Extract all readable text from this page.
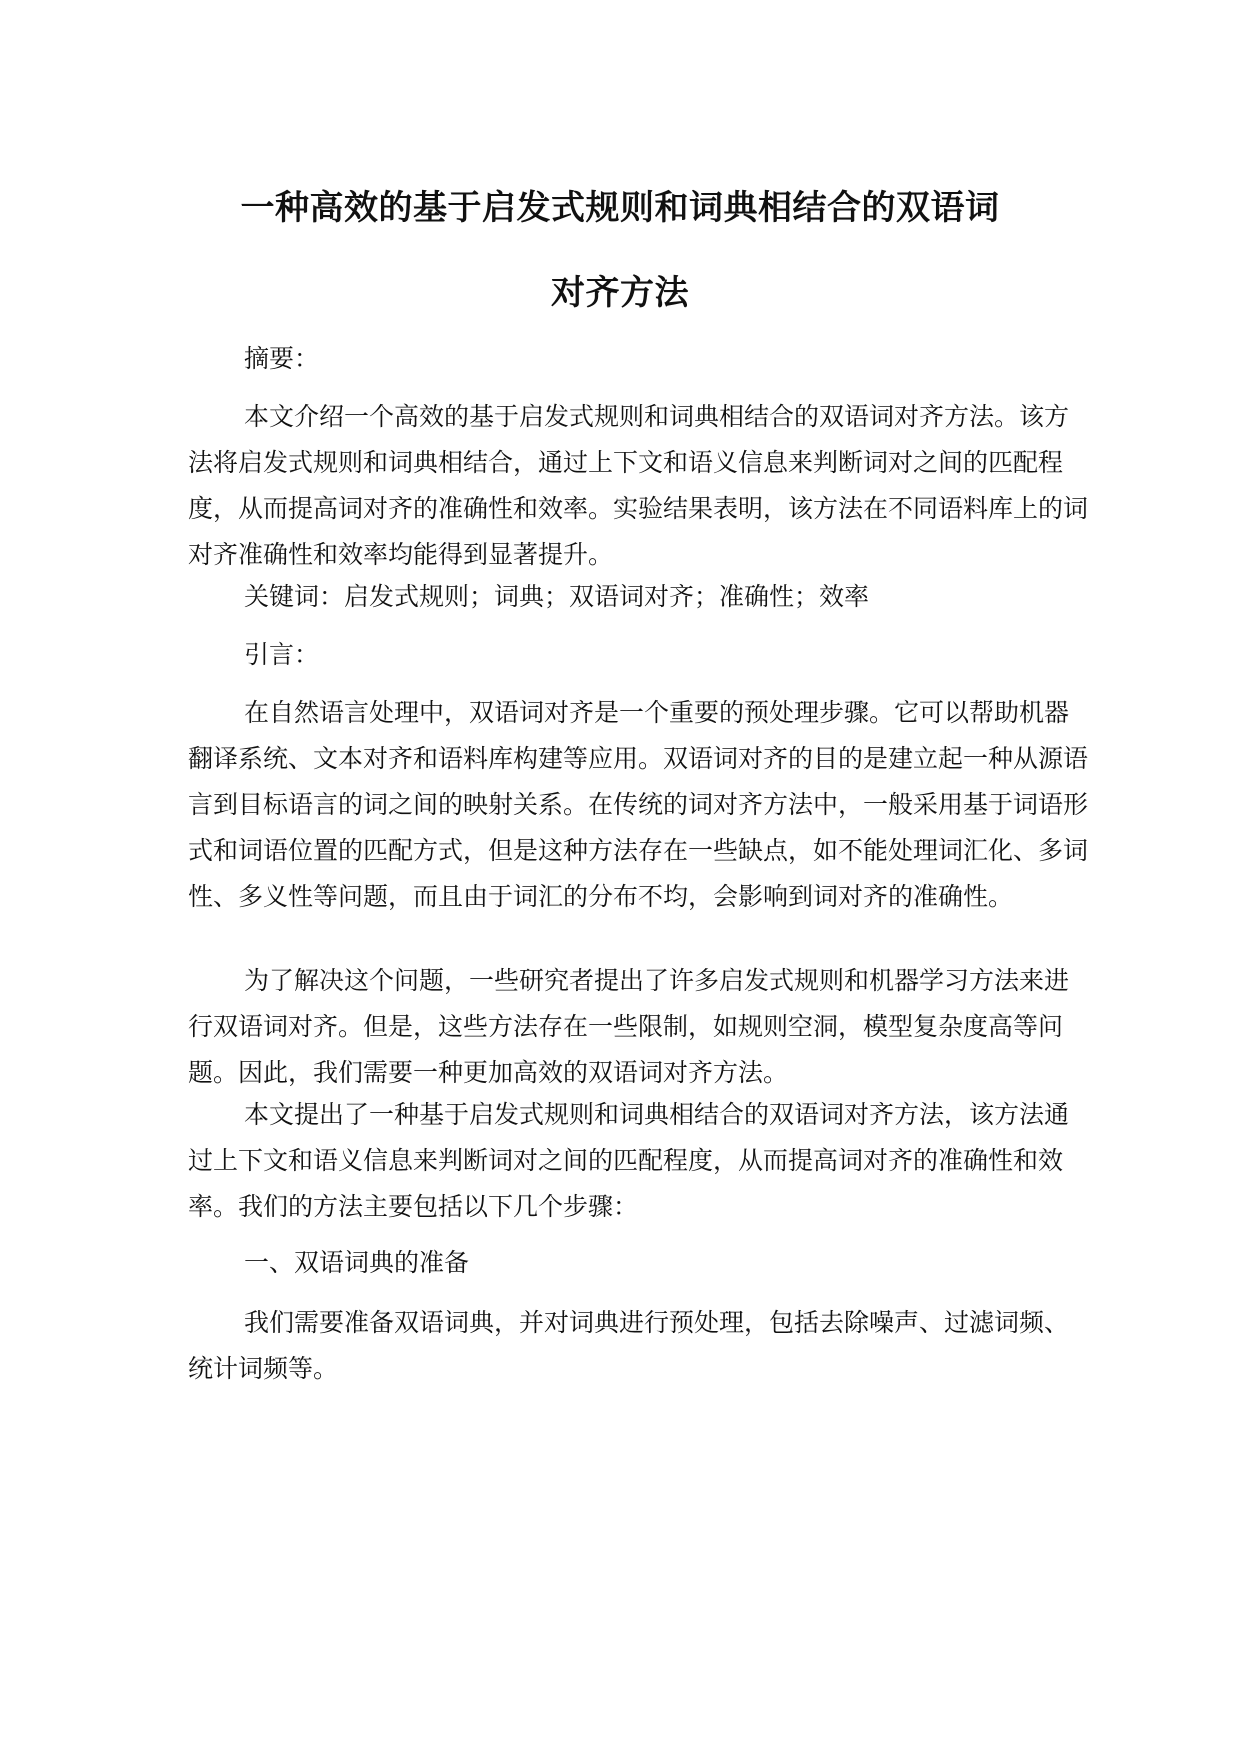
一种高效的基于启发式规则和词典相结合的双语词
对齐方法

摘要：

本文介绍一个高效的基于启发式规则和词典相结合的双语词对齐方法。该方法将启发式规则和词典相结合，通过上下文和语义信息来判断词对之间的匹配程度，从而提高词对齐的准确性和效率。实验结果表明，该方法在不同语料库上的词对齐准确性和效率均能得到显著提升。

关键词：启发式规则；词典；双语词对齐；准确性；效率

引言：

在自然语言处理中，双语词对齐是一个重要的预处理步骤。它可以帮助机器翻译系统、文本对齐和语料库构建等应用。双语词对齐的目的是建立起一种从源语言到目标语言的词之间的映射关系。在传统的词对齐方法中，一般采用基于词语形式和词语位置的匹配方式，但是这种方法存在一些缺点，如不能处理词汇化、多词性、多义性等问题，而且由于词汇的分布不均，会影响到词对齐的准确性。

为了解决这个问题，一些研究者提出了许多启发式规则和机器学习方法来进行双语词对齐。但是，这些方法存在一些限制，如规则空洞，模型复杂度高等问题。因此，我们需要一种更加高效的双语词对齐方法。

本文提出了一种基于启发式规则和词典相结合的双语词对齐方法，该方法通过上下文和语义信息来判断词对之间的匹配程度，从而提高词对齐的准确性和效率。我们的方法主要包括以下几个步骤：

一、双语词典的准备

我们需要准备双语词典，并对词典进行预处理，包括去除噪声、过滤词频、统计词频等。
